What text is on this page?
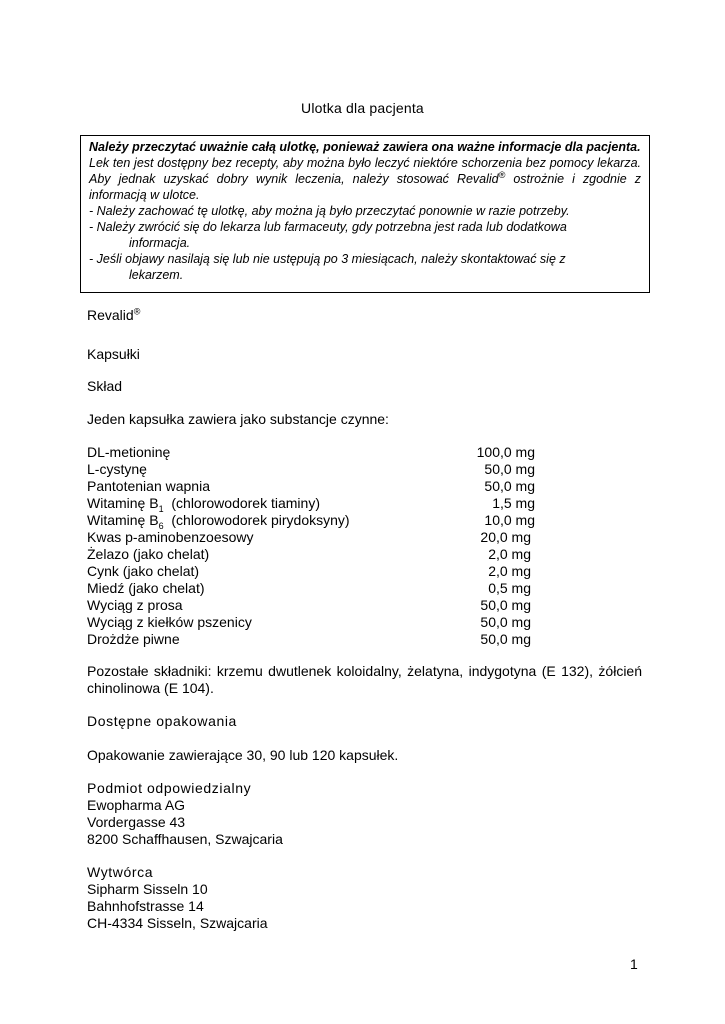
Ulotka dla pacjenta
Należy przeczytać uważnie całą ulotkę, ponieważ zawiera ona ważne informacje dla pacjenta.
Lek ten jest dostępny bez recepty, aby można było leczyć niektóre schorzenia bez pomocy lekarza. Aby jednak uzyskać dobry wynik leczenia, należy stosować Revalid® ostrożnie i zgodnie z informacją w ulotce.
- Należy zachować tę ulotkę, aby można ją było przeczytać ponownie w razie potrzeby.
- Należy zwrócić się do lekarza lub farmaceuty, gdy potrzebna jest rada lub dodatkowa
informacja.
- Jeśli objawy nasilają się lub nie ustępują po 3 miesiącach, należy skontaktować się z
lekarzem.
Revalid®
Kapsułki
Skład
Jeden kapsułka zawiera jako substancje czynne:
DL-metioninę	100,0 mg
L-cystynę	50,0 mg
Pantotenian wapnia	50,0 mg
Witaminę $B_1$  (chlorowodorek tiaminy)	1,5 mg
Witaminę $B_6$  (chlorowodorek pirydoksyny)	10,0 mg
Kwas p-aminobenzoesowy	20,0 mg
Żelazo (jako chelat)	2,0 mg
Cynk (jako chelat)	2,0 mg
Miedź (jako chelat)	0,5 mg
Wyciąg z prosa	50,0 mg
Wyciąg z kiełków pszenicy	50,0 mg
Drożdże piwne	50,0 mg
Pozostałe składniki: krzemu dwutlenek koloidalny, żelatyna, indygotyna (E 132), żółcień chinolinowa (E 104).
Dostępne opakowania
Opakowanie zawierające 30, 90 lub 120 kapsułek.
Podmiot odpowiedzialny
Ewopharma AG
Vordergasse 43
8200 Schaffhausen, Szwajcaria
Wytwórca
Sipharm Sisseln 10
Bahnhofstrasse 14
CH-4334 Sisseln, Szwajcaria
1
